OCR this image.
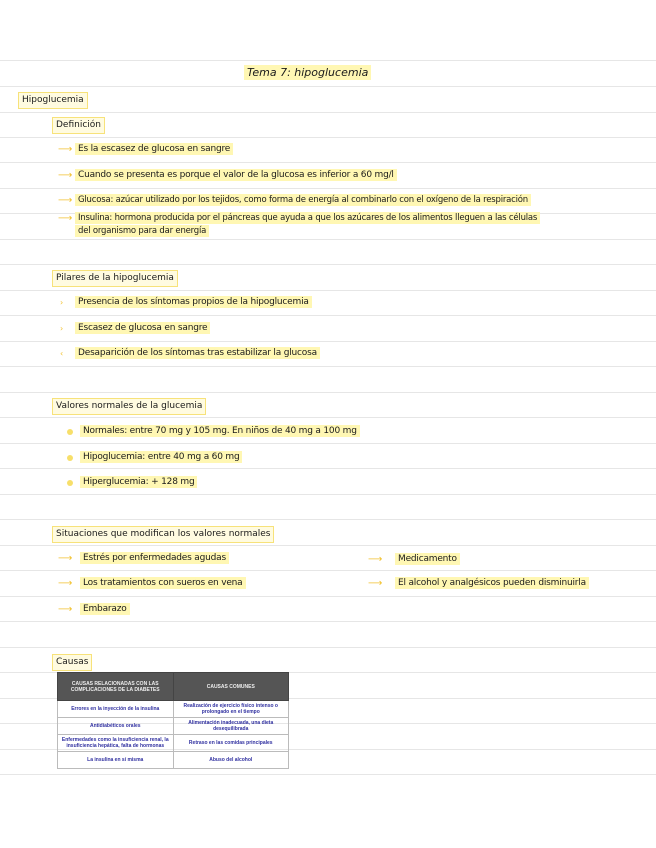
Tema 7: hipoglucemia
Hipoglucemia
Definición
⟶ Es la escasez de glucosa en sangre
⟶ Cuando se presenta es porque el valor de la glucosa es inferior a 60 mg/l
⟶ Glucosa: azúcar utilizado por los tejidos, como forma de energía al combinarlo con el oxígeno de la respiración
⟶ Insulina: hormona producida por el páncreas que ayuda a que los azúcares de los alimentos lleguen a las células
del organismo para dar energía
Pilares de la hipoglucemia
›	Presencia de los síntomas propios de la hipoglucemia
›	Escasez de glucosa en sangre
‹	Desaparición de los síntomas tras estabilizar la glucosa
Valores normales de la glucemia
Normales: entre 70 mg y 105 mg. En niños de 40 mg a 100 mg
Hipoglucemia: entre 40 mg a 60 mg
Hiperglucemia: + 128 mg
Situaciones que modifican los valores normales
⟶	Estrés por enfermedades agudas
⟶	Los tratamientos con sueros en vena
⟶	Embarazo
⟶	Medicamento
⟶	El alcohol y analgésicos pueden disminuirla
Causas
CAUSAS RELACIONADAS CON LAS COMPLICACIONES DE LA DIABETES	CAUSAS COMUNES
Errores en la inyección de la insulina	Realización de ejercicio físico intenso o prolongado en el tiempo
Antidiabéticos orales	Alimentación inadecuada, una dieta desequilibrada
Enfermedades como la insuficiencia renal, la insuficiencia hepática, falta de hormonas	Retraso en las comidas principales
La insulina en sí misma	Abuso del alcohol
